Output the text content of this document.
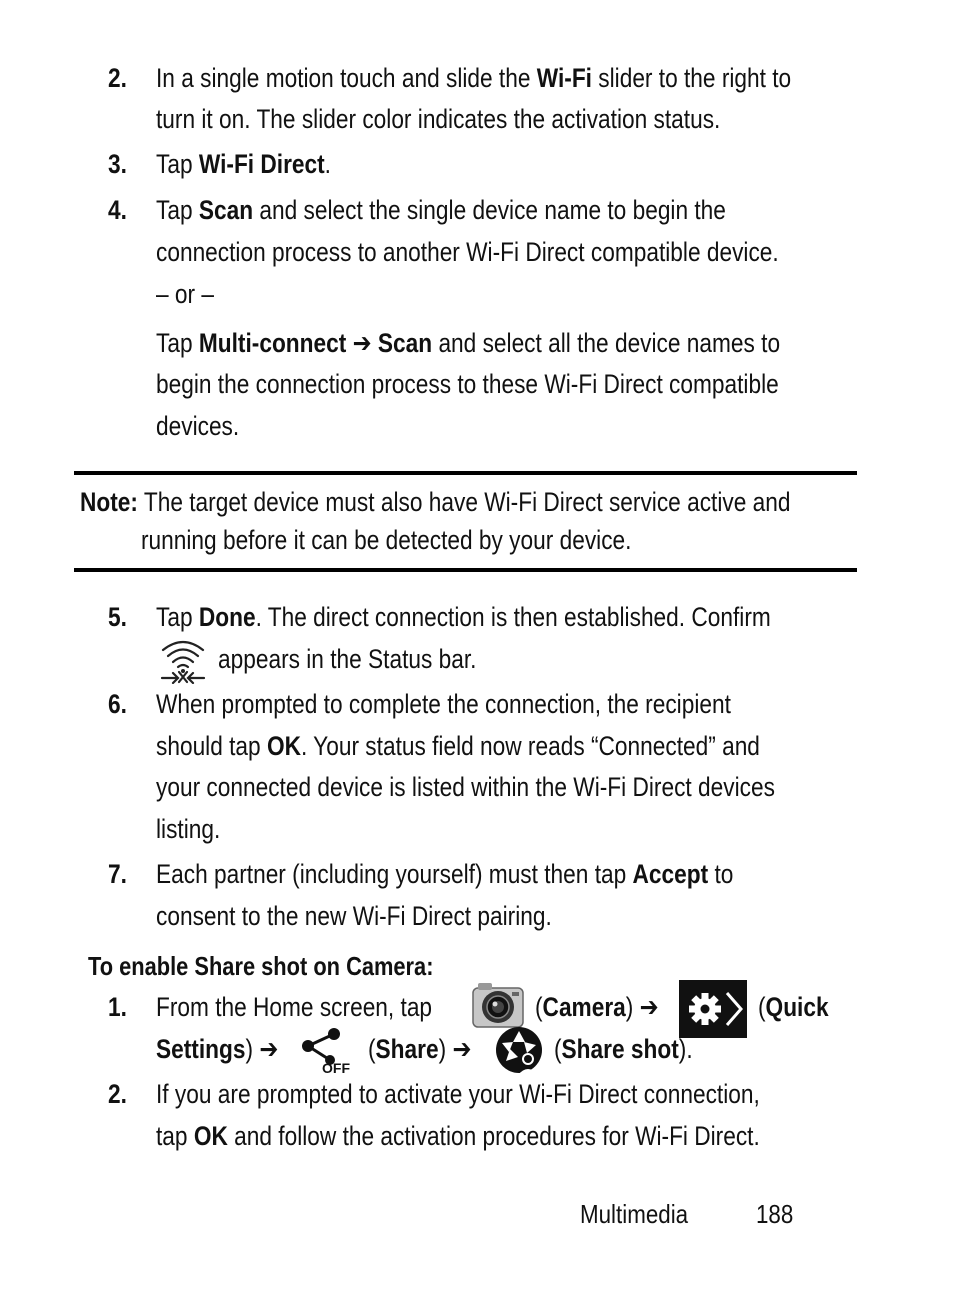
2. In a single motion touch and slide the Wi-Fi slider to the right to
turn it on. The slider color indicates the activation status.
3. Tap Wi-Fi Direct.
4. Tap Scan and select the single device name to begin the
connection process to another Wi-Fi Direct compatible device.
– or –
Tap Multi-connect ➔ Scan and select all the device names to
begin the connection process to these Wi-Fi Direct compatible
devices.
Note: The target device must also have Wi-Fi Direct service active and
running before it can be detected by your device.
5. Tap Done. The direct connection is then established. Confirm
appears in the Status bar.
6. When prompted to complete the connection, the recipient
should tap OK. Your status field now reads “Connected” and
your connected device is listed within the Wi-Fi Direct devices
listing.
7. Each partner (including yourself) must then tap Accept to
consent to the new Wi-Fi Direct pairing.
To enable Share shot on Camera:
1. From the Home screen, tap	(Camera) ➔	(Quick
Settings) ➔
OFF
(Share) ➔	(Share shot).
2. If you are prompted to activate your Wi-Fi Direct connection,
tap OK and follow the activation procedures for Wi-Fi Direct.
Multimedia	188
